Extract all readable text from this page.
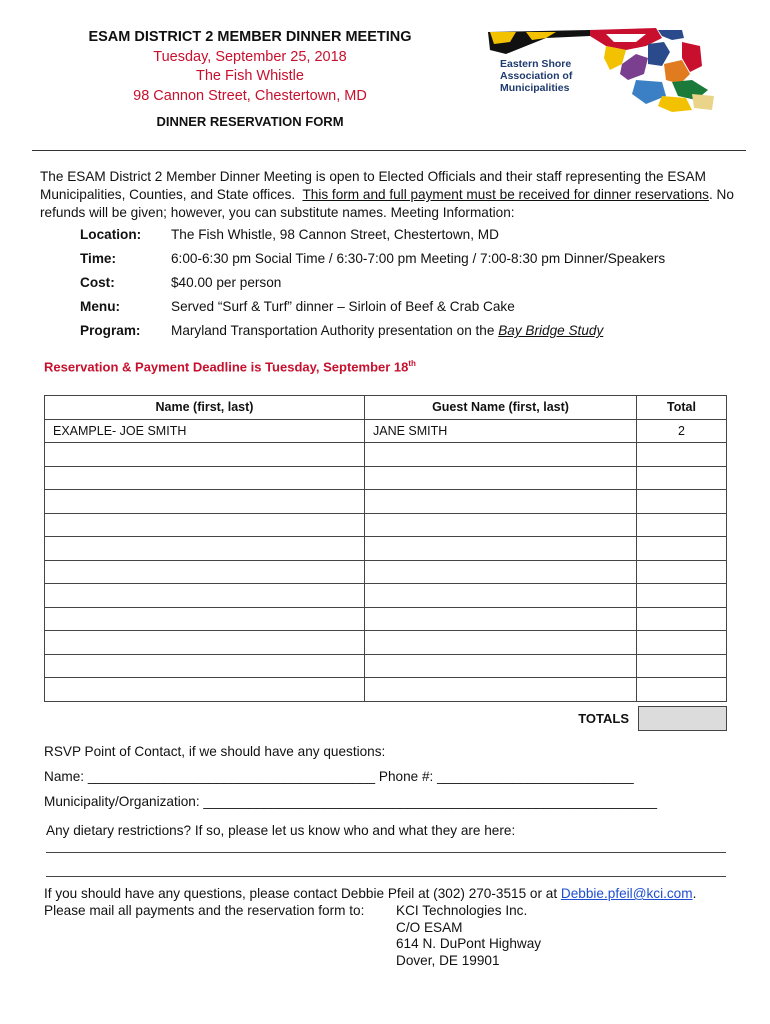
ESAM DISTRICT 2 MEMBER DINNER MEETING
Tuesday, September 25, 2018
The Fish Whistle
98 Cannon Street, Chestertown, MD
DINNER RESERVATION FORM
Eastern Shore
Association of
Municipalities
The ESAM District 2 Member Dinner Meeting is open to Elected Officials and their staff representing the ESAM Municipalities, Counties, and State offices. This form and full payment must be received for dinner reservations. No refunds will be given; however, you can substitute names. Meeting Information:
Location: The Fish Whistle, 98 Cannon Street, Chestertown, MD
Time:	6:00-6:30 pm Social Time / 6:30-7:00 pm Meeting / 7:00-8:30 pm Dinner/Speakers
Cost:	$40.00 per person
Menu:	Served “Surf & Turf” dinner – Sirloin of Beef & Crab Cake
Program: Maryland Transportation Authority presentation on the Bay Bridge Study
Reservation & Payment Deadline is Tuesday, September 18th
Name (first, last)	Guest Name (first, last)	Total
EXAMPLE- JOE SMITH	JANE SMITH	2

TOTALS
RSVP Point of Contact, if we should have any questions:
Name: ______________________________________ Phone #: __________________________
Municipality/Organization: ____________________________________________________________
Any dietary restrictions? If so, please let us know who and what they are here:
If you should have any questions, please contact Debbie Pfeil at (302) 270-3515 or at Debbie.pfeil@kci.com.
Please mail all payments and the reservation form to: KCI Technologies Inc.
C/O ESAM
614 N. DuPont Highway
Dover, DE 19901
